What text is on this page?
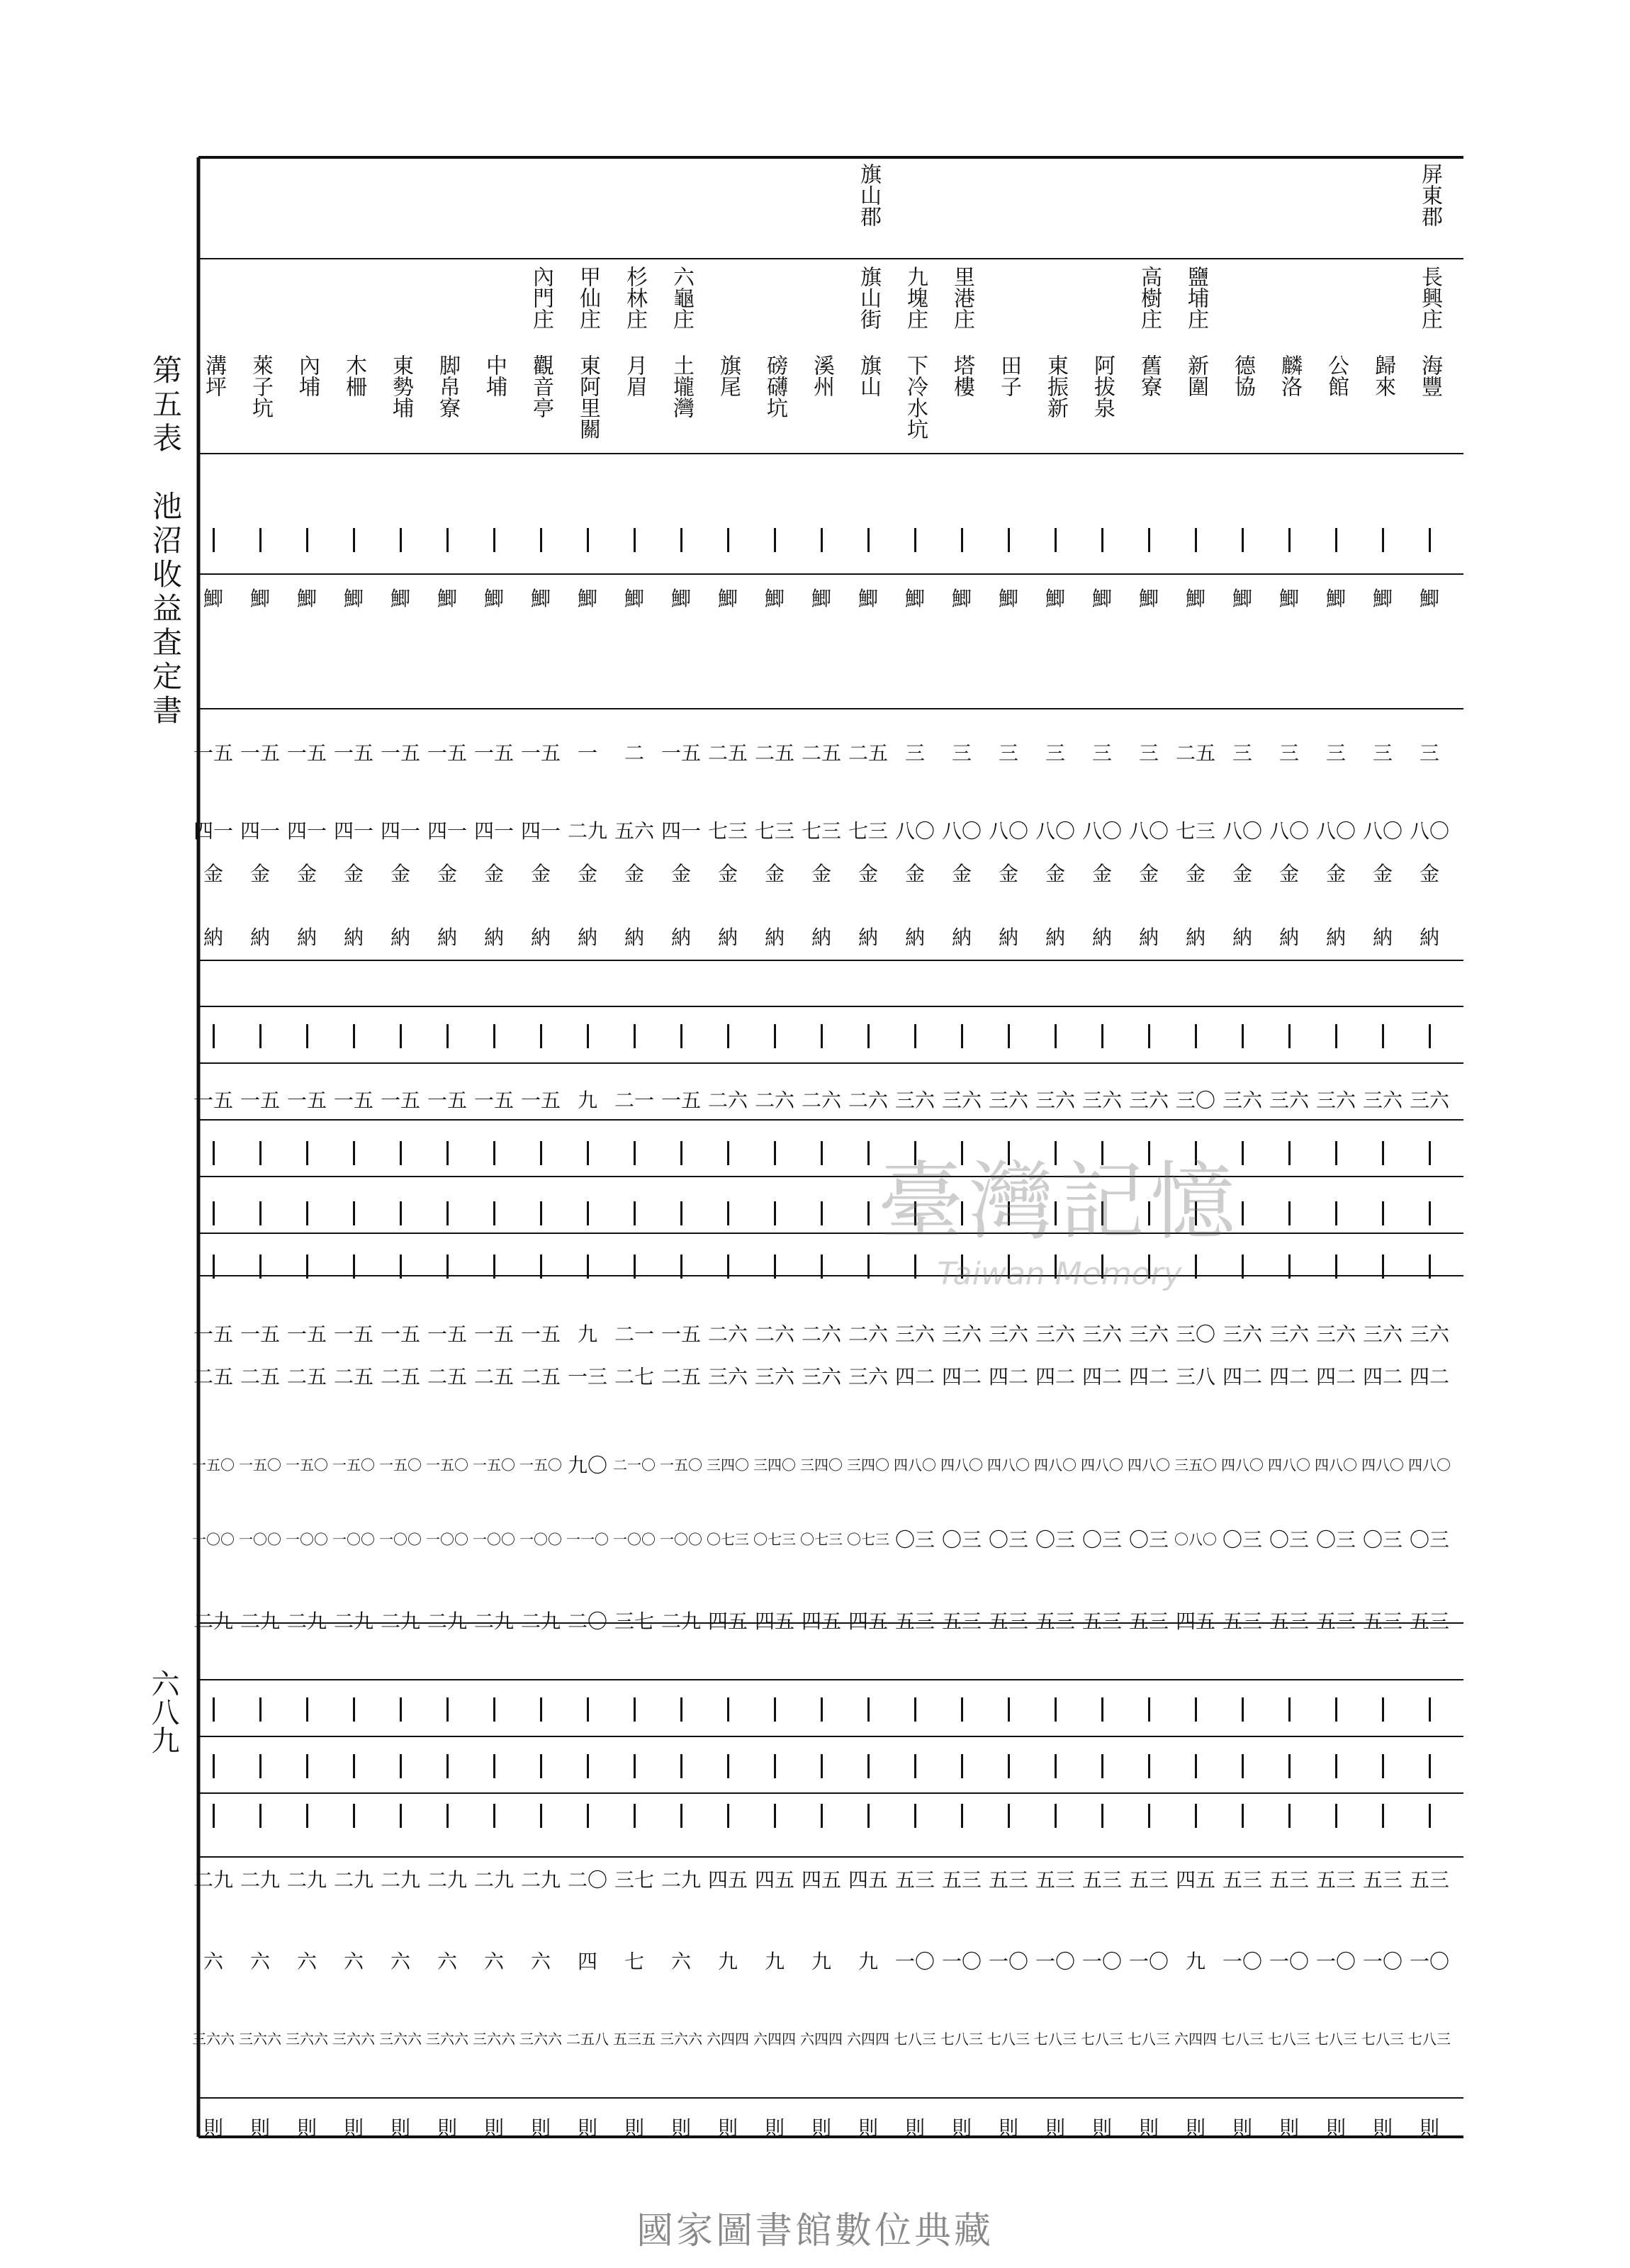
第五表　池沼收益査定書
六八九
屏東郡
長興庄
海豐
鯽
三
八〇
金
納
三六
三六
四二
四八〇
〇三
五三
五三
一〇
七八三
則
歸來
鯽
三
八〇
金
納
三六
三六
四二
四八〇
〇三
五三
五三
一〇
七八三
則
公館
鯽
三
八〇
金
納
三六
三六
四二
四八〇
〇三
五三
五三
一〇
七八三
則
麟洛
鯽
三
八〇
金
納
三六
三六
四二
四八〇
〇三
五三
五三
一〇
七八三
則
德協
鯽
三
八〇
金
納
三六
三六
四二
四八〇
〇三
五三
五三
一〇
七八三
則
鹽埔庄
新圍
鯽
二五
七三
金
納
三〇
三〇
三八
三五〇
〇八〇
四五
四五
九
六四四
則
高樹庄
舊寮
鯽
三
八〇
金
納
三六
三六
四二
四八〇
〇三
五三
五三
一〇
七八三
則
阿拔泉
鯽
三
八〇
金
納
三六
三六
四二
四八〇
〇三
五三
五三
一〇
七八三
則
東振新
鯽
三
八〇
金
納
三六
三六
四二
四八〇
〇三
五三
五三
一〇
七八三
則
田子
鯽
三
八〇
金
納
三六
三六
四二
四八〇
〇三
五三
五三
一〇
七八三
則
里港庄
塔樓
鯽
三
八〇
金
納
三六
三六
四二
四八〇
〇三
五三
五三
一〇
七八三
則
九塊庄
下冷水坑
鯽
三
八〇
金
納
三六
三六
四二
四八〇
〇三
五三
五三
一〇
七八三
則
旗山郡
旗山街
旗山
鯽
二五
七三
金
納
二六
二六
三六
三四〇
〇七三
四五
四五
九
六四四
則
溪州
鯽
二五
七三
金
納
二六
二六
三六
三四〇
〇七三
四五
四五
九
六四四
則
磅礴坑
鯽
二五
七三
金
納
二六
二六
三六
三四〇
〇七三
四五
四五
九
六四四
則
旗尾
鯽
二五
七三
金
納
二六
二六
三六
三四〇
〇七三
四五
四五
九
六四四
則
六龜庄
土壠灣
鯽
一五
四一
金
納
一五
一五
二五
一五〇
一〇〇
二九
二九
六
三六六
則
杉林庄
月眉
鯽
二
五六
金
納
二一
二一
二七
二一〇
一〇〇
三七
三七
七
五三五
則
甲仙庄
東阿里關
鯽
一
二九
金
納
九
九
一三
九〇
一一〇
二〇
二〇
四
二五八
則
內門庄
觀音亭
鯽
一五
四一
金
納
一五
一五
二五
一五〇
一〇〇
二九
二九
六
三六六
則
中埔
鯽
一五
四一
金
納
一五
一五
二五
一五〇
一〇〇
二九
二九
六
三六六
則
脚帛寮
鯽
一五
四一
金
納
一五
一五
二五
一五〇
一〇〇
二九
二九
六
三六六
則
東勢埔
鯽
一五
四一
金
納
一五
一五
二五
一五〇
一〇〇
二九
二九
六
三六六
則
木柵
鯽
一五
四一
金
納
一五
一五
二五
一五〇
一〇〇
二九
二九
六
三六六
則
內埔
鯽
一五
四一
金
納
一五
一五
二五
一五〇
一〇〇
二九
二九
六
三六六
則
萊子坑
鯽
一五
四一
金
納
一五
一五
二五
一五〇
一〇〇
二九
二九
六
三六六
則
溝坪
鯽
一五
四一
金
納
一五
一五
二五
一五〇
一〇〇
二九
二九
六
三六六
則
臺灣記憶
Taiwan Memory
國家圖書館數位典藏
